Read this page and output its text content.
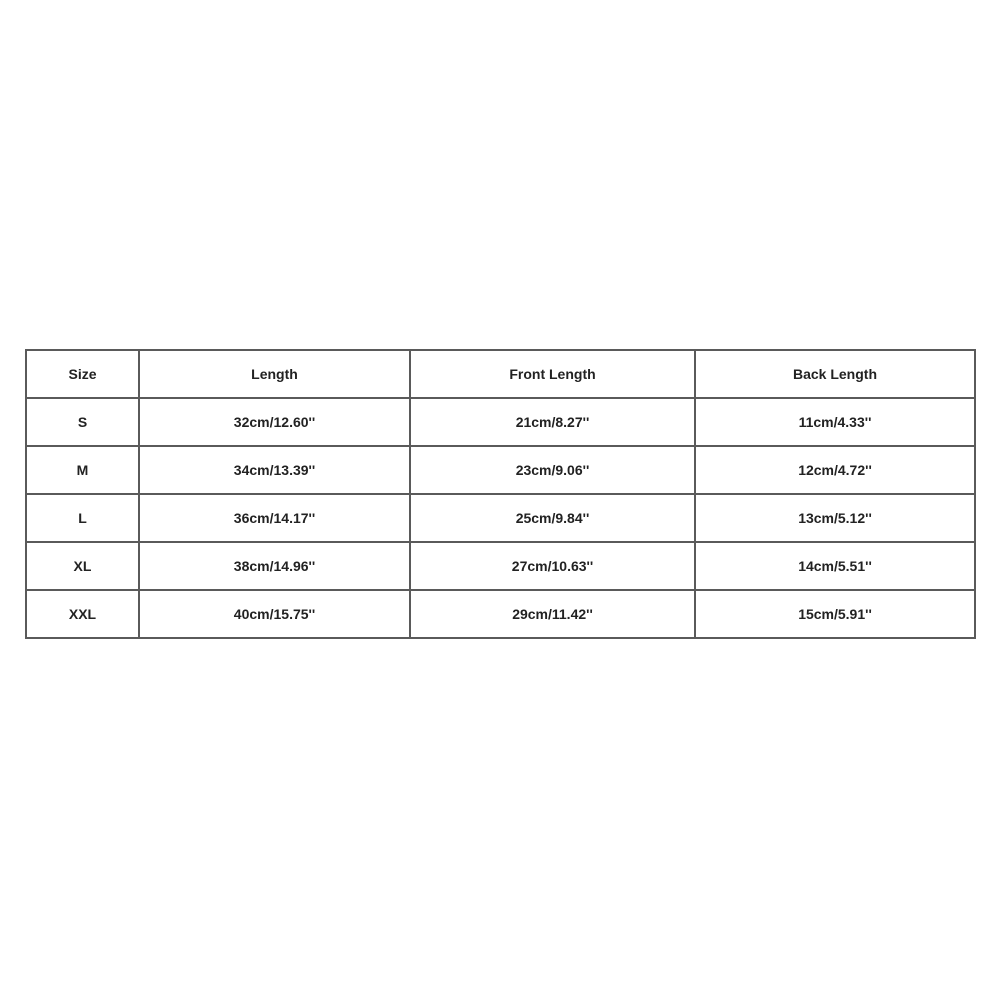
Size	Length	Front Length	Back Length
S	32cm/12.60''	21cm/8.27''	11cm/4.33''
M	34cm/13.39''	23cm/9.06''	12cm/4.72''
L	36cm/14.17''	25cm/9.84''	13cm/5.12''
XL	38cm/14.96''	27cm/10.63''	14cm/5.51''
XXL	40cm/15.75''	29cm/11.42''	15cm/5.91''
